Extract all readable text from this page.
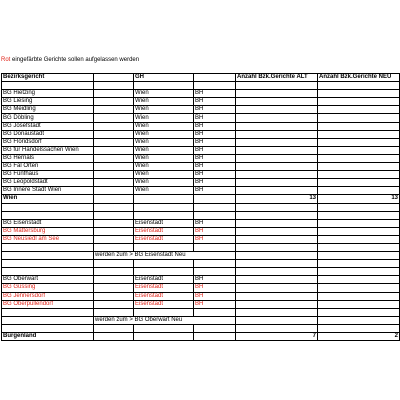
Rot eingefärbte Gerichte sollen aufgelassen werden
Bezirksgericht		GH		Anzahl Bzk.Gerichte ALT	Anzahl Bzk.Gerichte NEU

BG Hietzing		Wien	BH		
BG Liesing		Wien	BH		
BG Meidling		Wien	BH		
BG Döbling		Wien	BH		
BG Josefstadt		Wien	BH		
BG Donaustadt		Wien	BH		
BG Floridsdorf		Wien	BH		
BG für Handelssachen Wien		Wien	BH		
BG Hernals		Wien	BH		
BG Fal Orten		Wien	BH		
BG Fünfhaus		Wien	BH		
BG Leopoldstadt		Wien	BH		
BG Innere Stadt Wien		Wien	BH		
Wien				13	13

BG Eisenstadt		Eisenstadt	BH		
BG Mattersburg		Eisenstadt	BH		
BG Neusiedl am See		Eisenstadt	BH		

	werden zum > BG Eisenstadt Neu				

BG Oberwart		Eisenstadt	BH		
BG Güssing		Eisenstadt	BH		
BG Jennersdorf		Eisenstadt	BH		
BG Oberpullendorf		Eisenstadt	BH		

	werden zum > BG Oberwart Neu				

Burgenland				7	2
